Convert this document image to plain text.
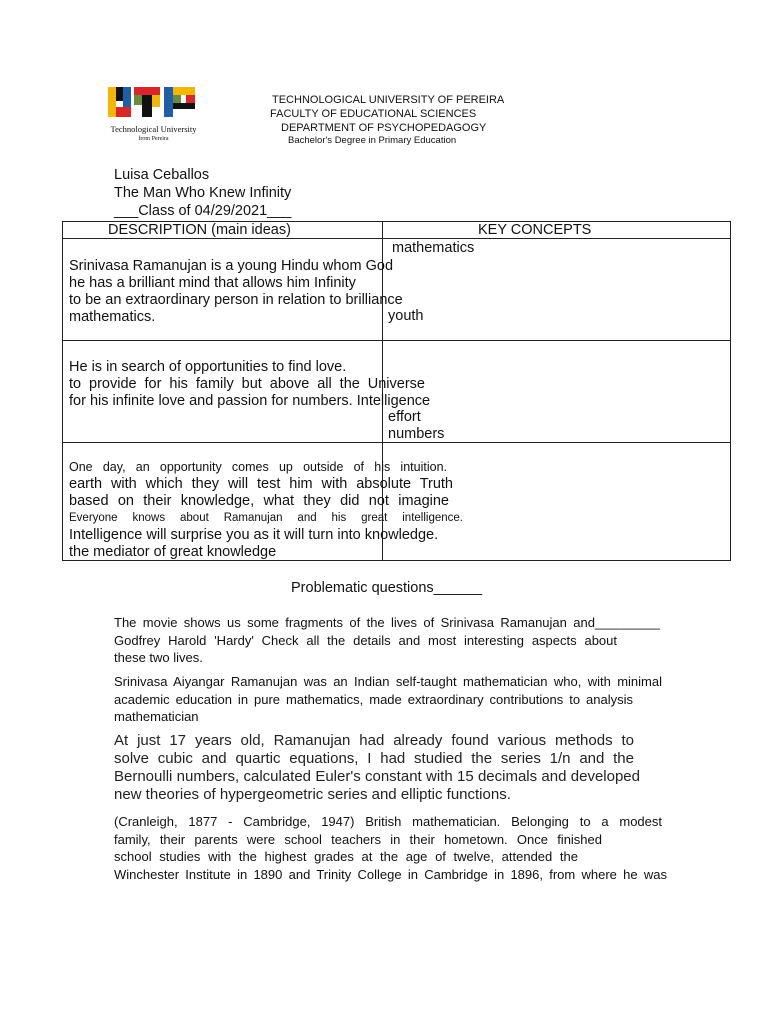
Technological University
from Pereira
TECHNOLOGICAL UNIVERSITY OF PEREIRA
FACULTY OF EDUCATIONAL SCIENCES
DEPARTMENT OF PSYCHOPEDAGOGY
Bachelor's Degree in Primary Education
Luisa Ceballos
The Man Who Knew Infinity
___Class of 04/29/2021___
DESCRIPTION (main ideas)	KEY CONCEPTS
mathematics
Srinivasa Ramanujan is a young Hindu whom God
he has a brilliant mind that allows him Infinity
to be an extraordinary person in relation to brilliance
mathematics.	youth
He is in search of opportunities to find love.
to provide for his family but above all the Universe
for his infinite love and passion for numbers. Intelligence
effort
numbers
One day, an opportunity comes up outside of his intuition.
earth with which they will test him with absolute Truth
based on their knowledge, what they did not imagine
Everyone knows about Ramanujan and his great intelligence.
Intelligence will surprise you as it will turn into knowledge.
the mediator of great knowledge
Problematic questions______
The movie shows us some fragments of the lives of Srinivasa Ramanujan and_________
Godfrey Harold 'Hardy' Check all the details and most interesting aspects about
these two lives.
Srinivasa Aiyangar Ramanujan was an Indian self-taught mathematician who, with minimal
academic education in pure mathematics, made extraordinary contributions to analysis
mathematician
At just 17 years old, Ramanujan had already found various methods to
solve cubic and quartic equations, I had studied the series 1/n and the
Bernoulli numbers, calculated Euler's constant with 15 decimals and developed
new theories of hypergeometric series and elliptic functions.
(Cranleigh, 1877 - Cambridge, 1947) British mathematician. Belonging to a modest
family, their parents were school teachers in their hometown. Once finished
school studies with the highest grades at the age of twelve, attended the
Winchester Institute in 1890 and Trinity College in Cambridge in 1896, from where he was
